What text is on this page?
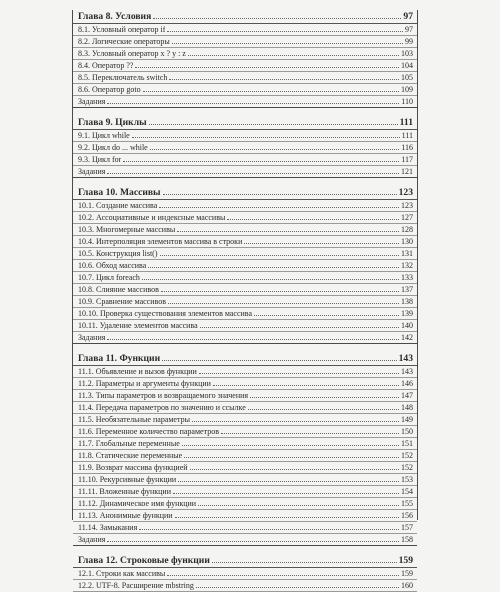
Глава 8. Условия	97
8.1. Условный оператор if	97
8.2. Логические операторы	99
8.3. Условный оператор x ? y : z	103
8.4. Оператор ??	104
8.5. Переключатель switch	105
8.6. Оператор goto	109
Задания	110
Глава 9. Циклы	111
9.1. Цикл while	111
9.2. Цикл do ... while	116
9.3. Цикл for	117
Задания	121
Глава 10. Массивы	123
10.1. Создание массива	123
10.2. Ассоциативные и индексные массивы	127
10.3. Многомерные массивы	128
10.4. Интерполяция элементов массива в строки	130
10.5. Конструкция list()	131
10.6. Обход массива	132
10.7. Цикл foreach	133
10.8. Слияние массивов	137
10.9. Сравнение массивов	138
10.10. Проверка существования элементов массива	139
10.11. Удаление элементов массива	140
Задания	142
Глава 11. Функции	143
11.1. Объявление и вызов функции	143
11.2. Параметры и аргументы функции	146
11.3. Типы параметров и возвращаемого значения	147
11.4. Передача параметров по значению и ссылке	148
11.5. Необязательные параметры	149
11.6. Переменное количество параметров	150
11.7. Глобальные переменные	151
11.8. Статические переменные	152
11.9. Возврат массива функцией	152
11.10. Рекурсивные функции	153
11.11. Вложенные функции	154
11.12. Динамическое имя функции	155
11.13. Анонимные функции	156
11.14. Замыкания	157
Задания	158
Глава 12. Строковые функции	159
12.1. Строки как массивы	159
12.2. UTF-8. Расширение mbstring	160
